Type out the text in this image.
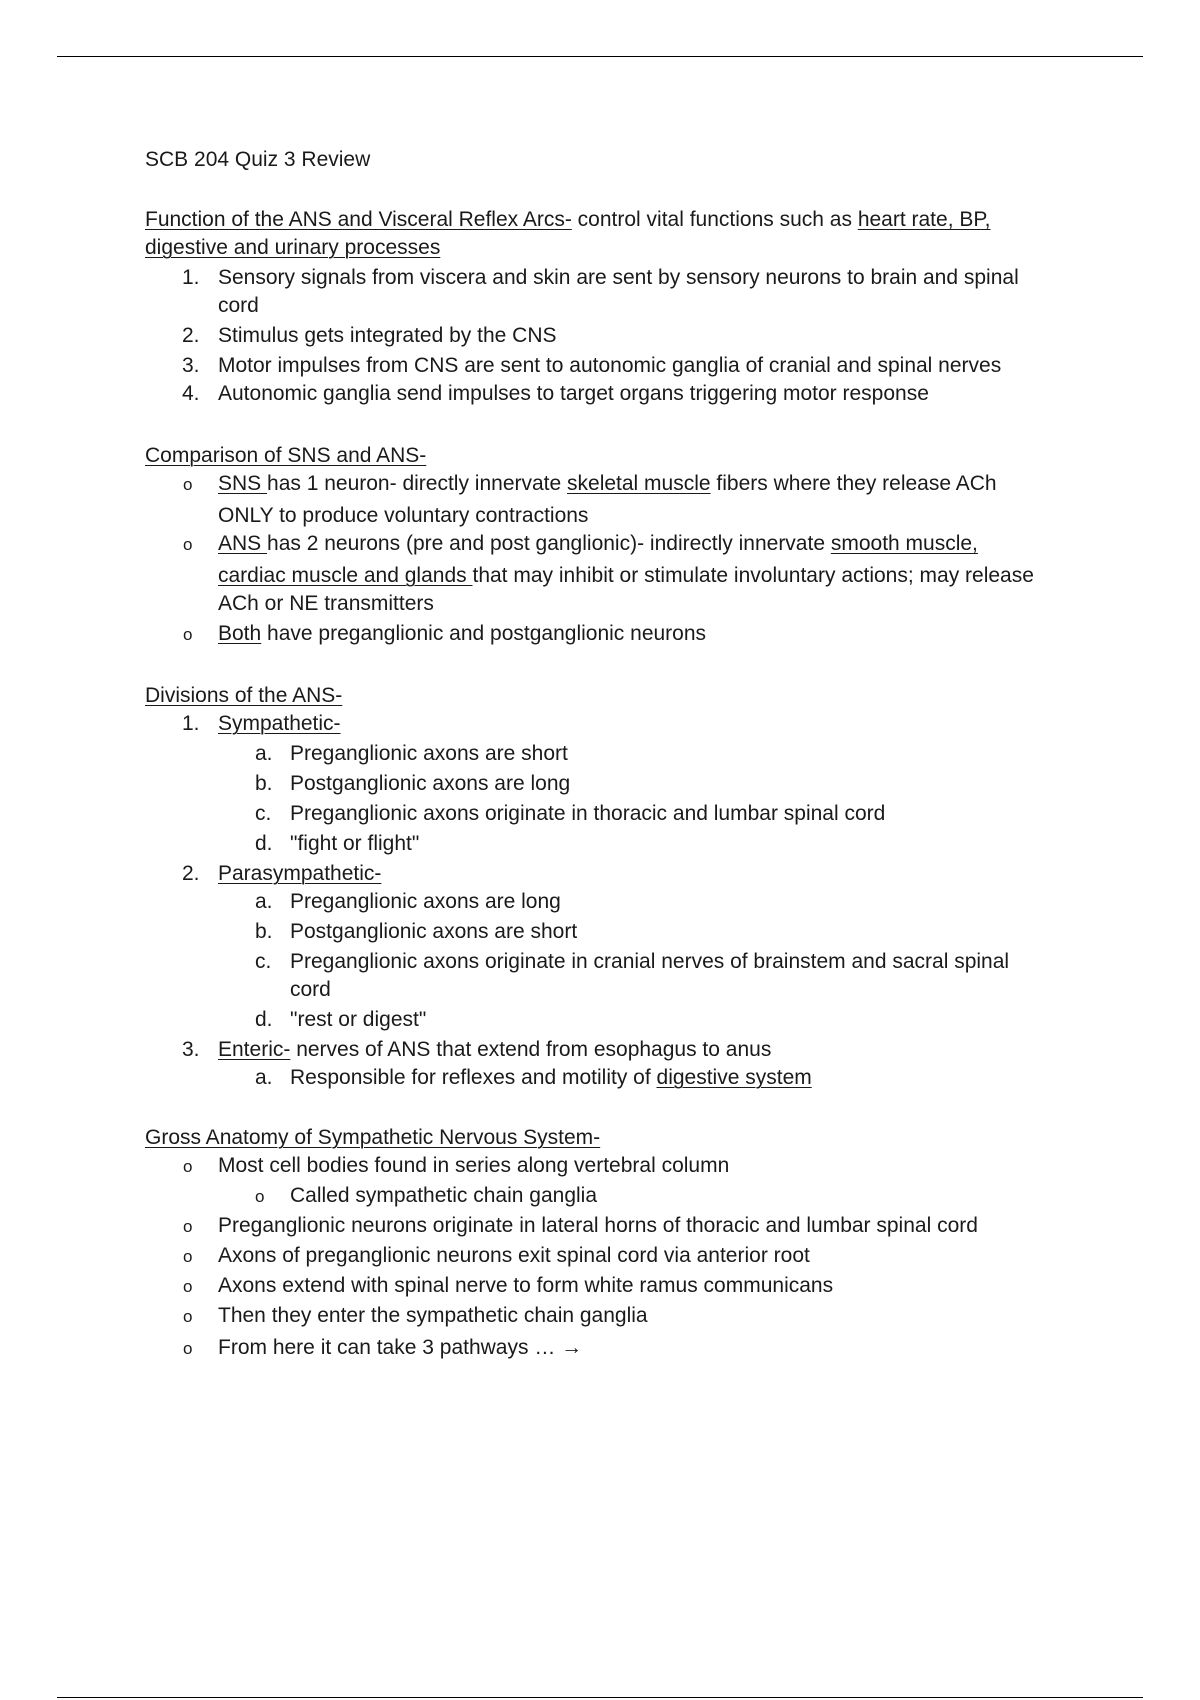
SCB 204 Quiz 3 Review
Function of the ANS and Visceral Reflex Arcs- control vital functions such as heart rate, BP,
digestive and urinary processes
1. Sensory signals from viscera and skin are sent by sensory neurons to brain and spinal
cord
2. Stimulus gets integrated by the CNS
3. Motor impulses from CNS are sent to autonomic ganglia of cranial and spinal nerves
4. Autonomic ganglia send impulses to target organs triggering motor response
Comparison of SNS and ANS-
o SNS has 1 neuron- directly innervate skeletal muscle fibers where they release ACh
ONLY to produce voluntary contractions
o ANS has 2 neurons (pre and post ganglionic)- indirectly innervate smooth muscle,
cardiac muscle and glands that may inhibit or stimulate involuntary actions; may release
ACh or NE transmitters
o Both have preganglionic and postganglionic neurons
Divisions of the ANS-
1. Sympathetic-
a. Preganglionic axons are short
b. Postganglionic axons are long
c. Preganglionic axons originate in thoracic and lumbar spinal cord
d. "fight or flight"
2. Parasympathetic-
a. Preganglionic axons are long
b. Postganglionic axons are short
c. Preganglionic axons originate in cranial nerves of brainstem and sacral spinal
cord
d. "rest or digest"
3. Enteric- nerves of ANS that extend from esophagus to anus
a. Responsible for reflexes and motility of digestive system
Gross Anatomy of Sympathetic Nervous System-
o Most cell bodies found in series along vertebral column
o Called sympathetic chain ganglia
o Preganglionic neurons originate in lateral horns of thoracic and lumbar spinal cord
o Axons of preganglionic neurons exit spinal cord via anterior root
o Axons extend with spinal nerve to form white ramus communicans
o Then they enter the sympathetic chain ganglia
o From here it can take 3 pathways … →
